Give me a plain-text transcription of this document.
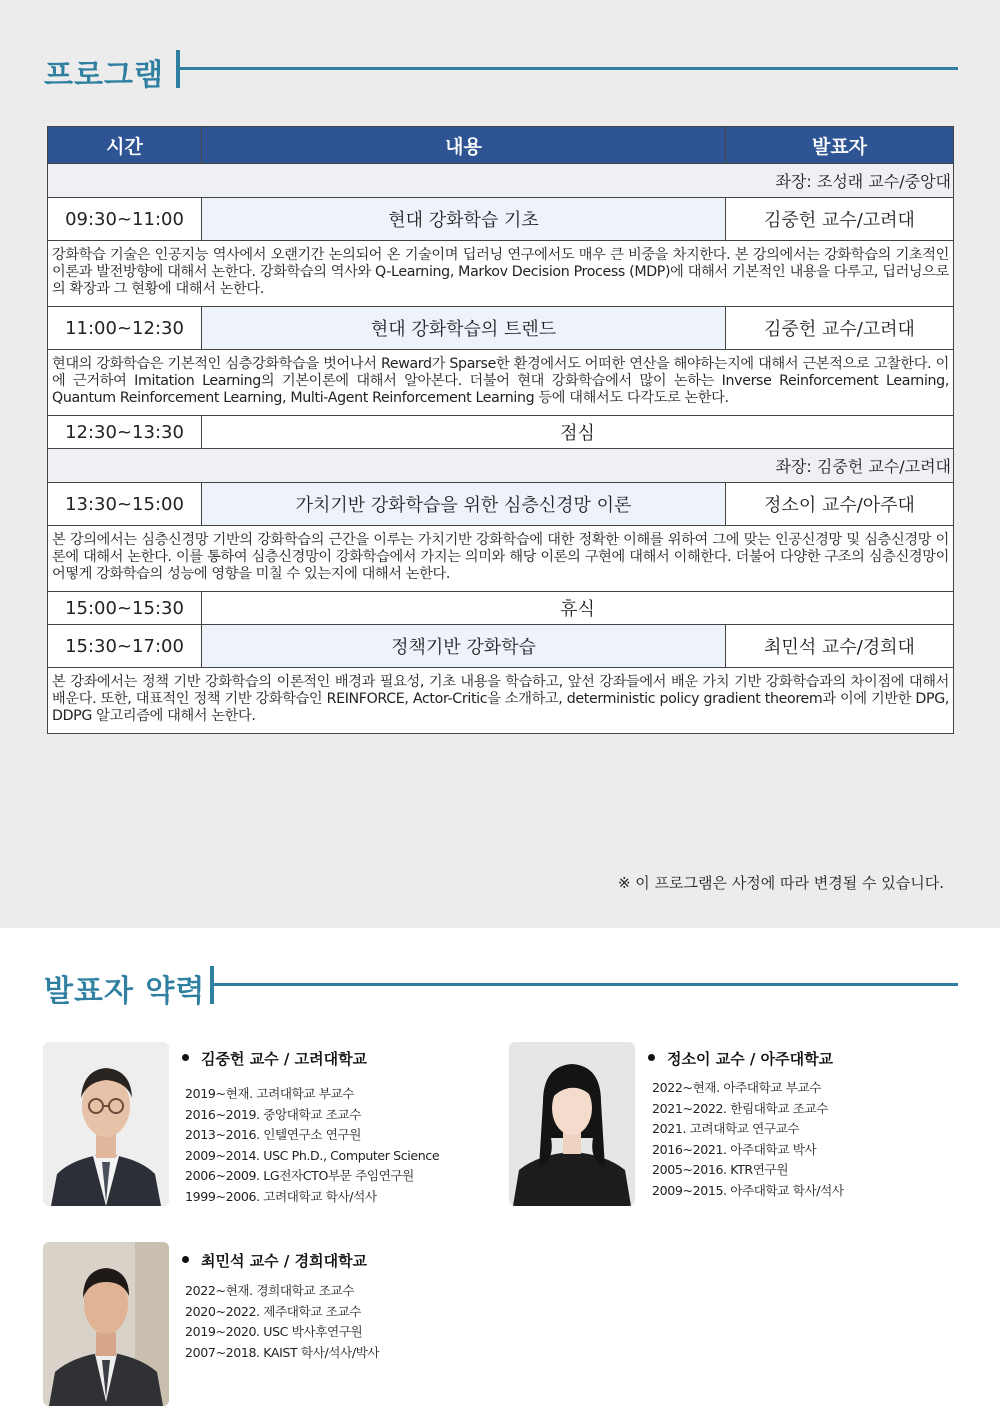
프로그램
시간	내용	발표자
좌장: 조성래 교수/중앙대		
09:30~11:00	현대 강화학습 기초	김중헌 교수/고려대
강화학습 기술은 인공지능 역사에서 오랜기간 논의되어 온 기술이며 딥러닝 연구에서도 매우 큰 비중을 차지한다. 본 강의에서는 강화학습의 기초적인 이론과 발전방향에 대해서 논한다. 강화학습의 역사와 Q-Learning, Markov Decision Process (MDP)에 대해서 기본적인 내용을 다루고, 딥러닝으로의 확장과 그 현황에 대해서 논한다.		
11:00~12:30	현대 강화학습의 트렌드	김중헌 교수/고려대
현대의 강화학습은 기본적인 심층강화학습을 벗어나서 Reward가 Sparse한 환경에서도 어떠한 연산을 해야하는지에 대해서 근본적으로 고찰한다. 이에 근거하여 Imitation Learning의 기본이론에 대해서 알아본다. 더불어 현대 강화학습에서 많이 논하는 Inverse Reinforcement Learning, Quantum Reinforcement Learning, Multi-Agent Reinforcement Learning 등에 대해서도 다각도로 논한다.		
12:30~13:30	점심	
좌장: 김중헌 교수/고려대		
13:30~15:00	가치기반 강화학습을 위한 심층신경망 이론	정소이 교수/아주대
본 강의에서는 심층신경망 기반의 강화학습의 근간을 이루는 가치기반 강화학습에 대한 정확한 이해를 위하여 그에 맞는 인공신경망 및 심층신경망 이론에 대해서 논한다. 이를 통하여 심층신경망이 강화학습에서 가지는 의미와 해당 이론의 구현에 대해서 이해한다. 더불어 다양한 구조의 심층신경망이 어떻게 강화학습의 성능에 영향을 미칠 수 있는지에 대해서 논한다.		
15:00~15:30	휴식	
15:30~17:00	정책기반 강화학습	최민석 교수/경희대
본 강좌에서는 정책 기반 강화학습의 이론적인 배경과 필요성, 기초 내용을 학습하고, 앞선 강좌들에서 배운 가치 기반 강화학습과의 차이점에 대해서 배운다. 또한, 대표적인 정책 기반 강화학습인 REINFORCE, Actor-Critic을 소개하고, deterministic policy gradient theorem과 이에 기반한 DPG, DDPG 알고리즘에 대해서 논한다.		
※ 이 프로그램은 사정에 따라 변경될 수 있습니다.
발표자 약력
김중헌 교수 / 고려대학교
2019~현재. 고려대학교 부교수
2016~2019. 중앙대학교 조교수
2013~2016. 인텔연구소 연구원
2009~2014. USC Ph.D., Computer Science
2006~2009. LG전자CTO부문 주임연구원
1999~2006. 고려대학교 학사/석사
정소이 교수 / 아주대학교
2022~현재. 아주대학교 부교수
2021~2022. 한림대학교 조교수
2021. 고려대학교 연구교수
2016~2021. 아주대학교 박사
2005~2016. KTR연구원
2009~2015. 아주대학교 학사/석사
최민석 교수 / 경희대학교
2022~현재. 경희대학교 조교수
2020~2022. 제주대학교 조교수
2019~2020. USC 박사후연구원
2007~2018. KAIST 학사/석사/박사
